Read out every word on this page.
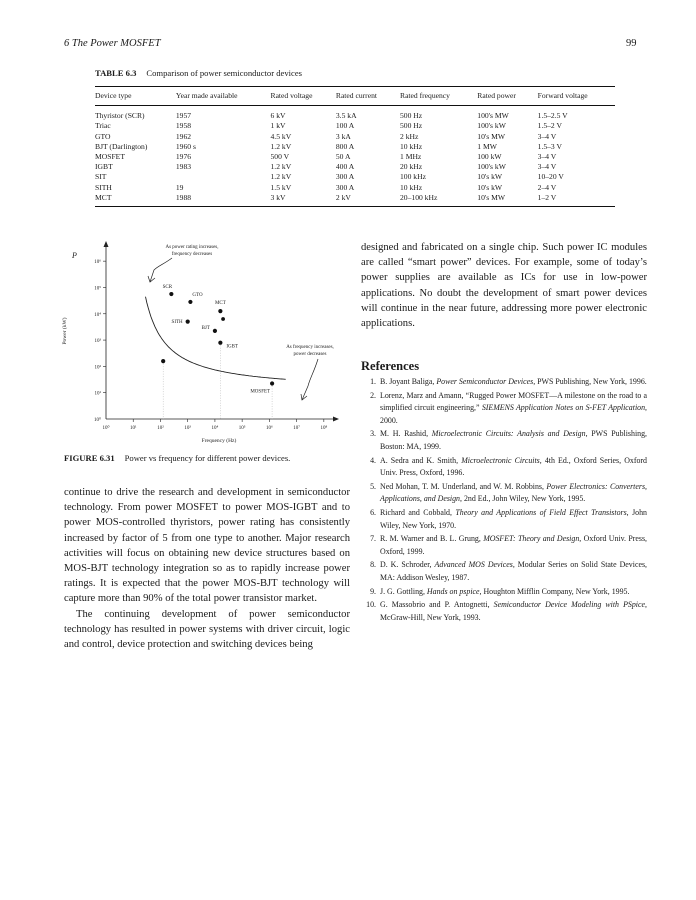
6 The Power MOSFET	99
TABLE 6.3 Comparison of power semiconductor devices
Device type	Year made available	Rated voltage	Rated current	Rated frequency	Rated power	Forward voltage
Thyristor (SCR)	1957	6 kV	3.5 kA	500 Hz	100's MW	1.5–2.5 V
Triac	1958	1 kV	100 A	500 Hz	100's kW	1.5–2 V
GTO	1962	4.5 kV	3 kA	2 kHz	10's MW	3–4 V
BJT (Darlington)	1960 s	1.2 kV	800 A	10 kHz	1 MW	1.5–3 V
MOSFET	1976	500 V	50 A	1 MHz	100 kW	3–4 V
IGBT	1983	1.2 kV	400 A	20 kHz	100's kW	3–4 V
SIT		1.2 kV	300 A	100 kHz	10's kW	10–20 V
SITH	19	1.5 kV	300 A	10 kHz	10's kW	2–4 V
MCT	1988	3 kV	2 kV	20–100 kHz	10's MW	1–2 V
P
Power (kW)
Frequency (Hz)
10⁰	10¹	10²	10³	10⁴	10⁵	10⁶	10⁷	10⁸
10⁰
10¹
10²
10³
10⁴
10⁵
10⁶
SCR
GTO
MCT
SITH
BJT
IGBT
MOSFET
As power rating increases,
frequency decreases
As frequency increases,
power decreases
FIGURE 6.31 Power vs frequency for different power devices.

continue to drive the research and development in semiconductor technology. From power MOSFET to power MOS-IGBT and to power MOS-controlled thyristors, power rating has consistently increased by factor of 5 from one type to another. Major research activities will focus on obtaining new device structures based on MOS-BJT technology integration so as to rapidly increase power ratings. It is expected that the power MOS-BJT technology will capture more than 90% of the total power transistor market.

The continuing development of power semiconductor technology has resulted in power systems with driver circuit, logic and control, device protection and switching devices being

designed and fabricated on a single chip. Such power IC modules are called “smart power” devices. For example, some of today’s power supplies are available as ICs for use in low-power applications. No doubt the development of smart power devices will continue in the near future, addressing more power electronic applications.

References
1. B. Joyant Baliga, Power Semiconductor Devices, PWS Publishing, New York, 1996.
2. Lorenz, Marz and Amann, “Rugged Power MOSFET—A milestone on the road to a simplified circuit engineering,” SIEMENS Application Notes on S-FET Application, 2000.
3. M. H. Rashid, Microelectronic Circuits: Analysis and Design, PWS Publishing, Boston: MA, 1999.
4. A. Sedra and K. Smith, Microelectronic Circuits, 4th Ed., Oxford Series, Oxford Univ. Press, Oxford, 1996.
5. Ned Mohan, T. M. Underland, and W. M. Robbins, Power Electronics: Converters, Applications, and Design, 2nd Ed., John Wiley, New York, 1995.
6. Richard and Cobbald, Theory and Applications of Field Effect Transistors, John Wiley, New York, 1970.
7. R. M. Warner and B. L. Grung, MOSFET: Theory and Design, Oxford Univ. Press, Oxford, 1999.
8. D. K. Schroder, Advanced MOS Devices, Modular Series on Solid State Devices, MA: Addison Wesley, 1987.
9. J. G. Gottling, Hands on pspice, Houghton Mifflin Company, New York, 1995.
10. G. Massobrio and P. Antognetti, Semiconductor Device Modeling with PSpice, McGraw-Hill, New York, 1993.
